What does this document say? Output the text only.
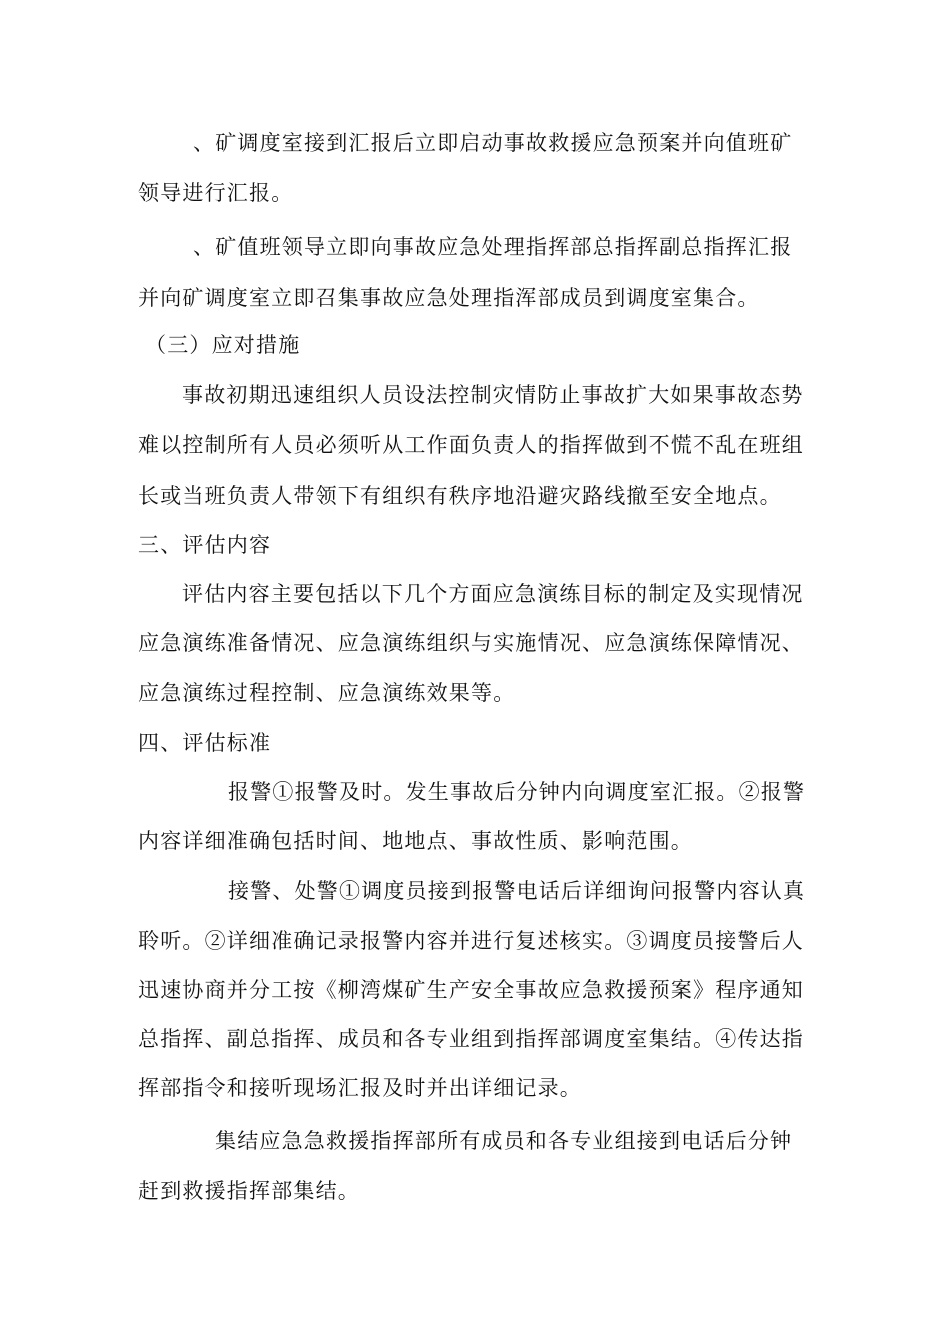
、矿调度室接到汇报后立即启动事故救援应急预案并向值班矿
领导进行汇报。
、矿值班领导立即向事故应急处理指挥部总指挥副总指挥汇报
并向矿调度室立即召集事故应急处理指浑部成员到调度室集合。
（三）应对措施
事故初期迅速组织人员设法控制灾情防止事故扩大如果事故态势
难以控制所有人员必须听从工作面负责人的指挥做到不慌不乱在班组
长或当班负责人带领下有组织有秩序地沿避灾路线撤至安全地点。
三、评估内容
评估内容主要包括以下几个方面应急演练目标的制定及实现情况
应急演练准备情况、应急演练组织与实施情况、应急演练保障情况、
应急演练过程控制、应急演练效果等。
四、评估标准
报警①报警及时。发生事故后分钟内向调度室汇报。②报警
内容详细准确包括时间、地地点、事故性质、影响范围。
接警、处警①调度员接到报警电话后详细询问报警内容认真
聆听。②详细准确记录报警内容并进行复述核实。③调度员接警后人
迅速协商并分工按《柳湾煤矿生产安全事故应急救援预案》程序通知
总指挥、副总指挥、成员和各专业组到指挥部调度室集结。④传达指
挥部指令和接听现场汇报及时并出详细记录。
集结应急急救援指挥部所有成员和各专业组接到电话后分钟
赶到救援指挥部集结。
